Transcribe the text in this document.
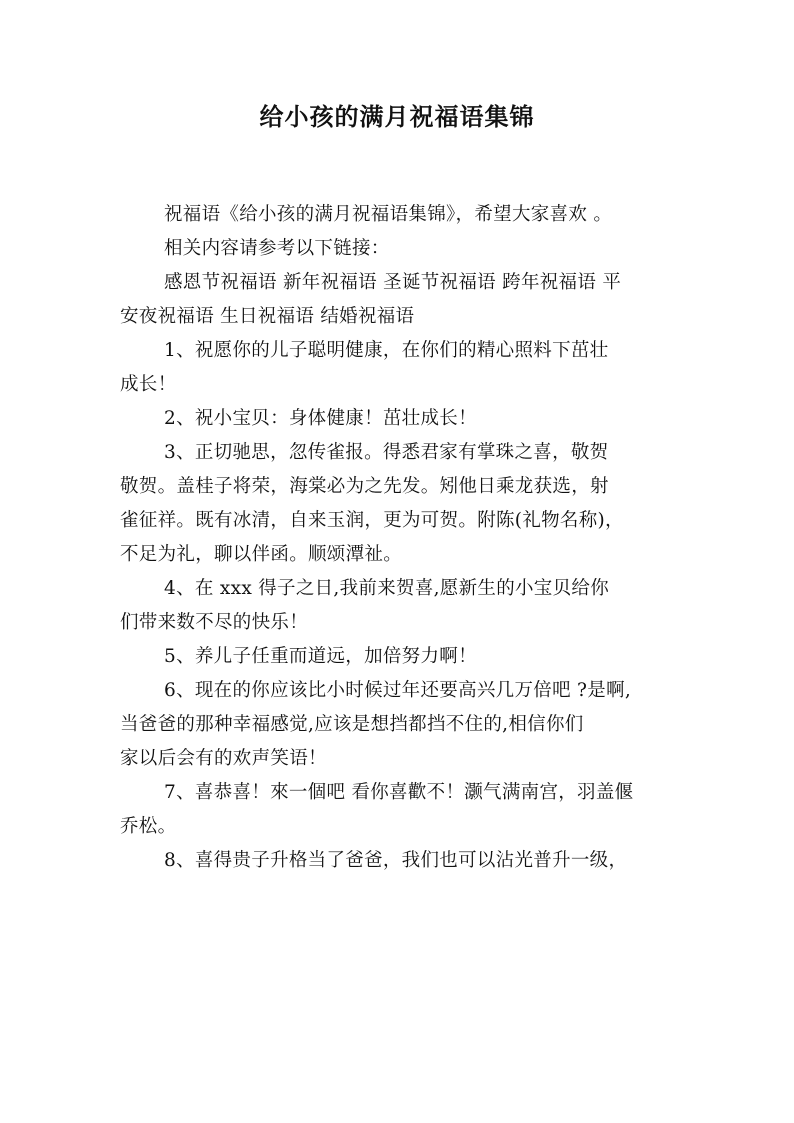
给小孩的满月祝福语集锦
祝福语《给小孩的满月祝福语集锦》，希望大家喜欢 。
相关内容请参考以下链接：
感恩节祝福语 新年祝福语 圣诞节祝福语 跨年祝福语 平
安夜祝福语 生日祝福语 结婚祝福语
1、祝愿你的儿子聪明健康，在你们的精心照料下茁壮
成长！
2、祝小宝贝：身体健康！茁壮成长！
3、正切驰思，忽传雀报。得悉君家有掌珠之喜，敬贺
敬贺。盖桂子将荣，海棠必为之先发。矧他日乘龙获选，射
雀征祥。既有冰清，自来玉润，更为可贺。附陈(礼物名称)，
不足为礼，聊以伴函。顺颂潭祉。
4、在 xxx 得子之日,我前来贺喜,愿新生的小宝贝给你
们带来数不尽的快乐！
5、养儿子任重而道远，加倍努力啊！
6、现在的你应该比小时候过年还要高兴几万倍吧 ?是啊,
当爸爸的那种幸福感觉,应该是想挡都挡不住的,相信你们
家以后会有的欢声笑语！
7、喜恭喜！來一個吧 看你喜歡不！灏气满南宫，羽盖偃
乔松。
8、喜得贵子升格当了爸爸，我们也可以沾光普升一级，
